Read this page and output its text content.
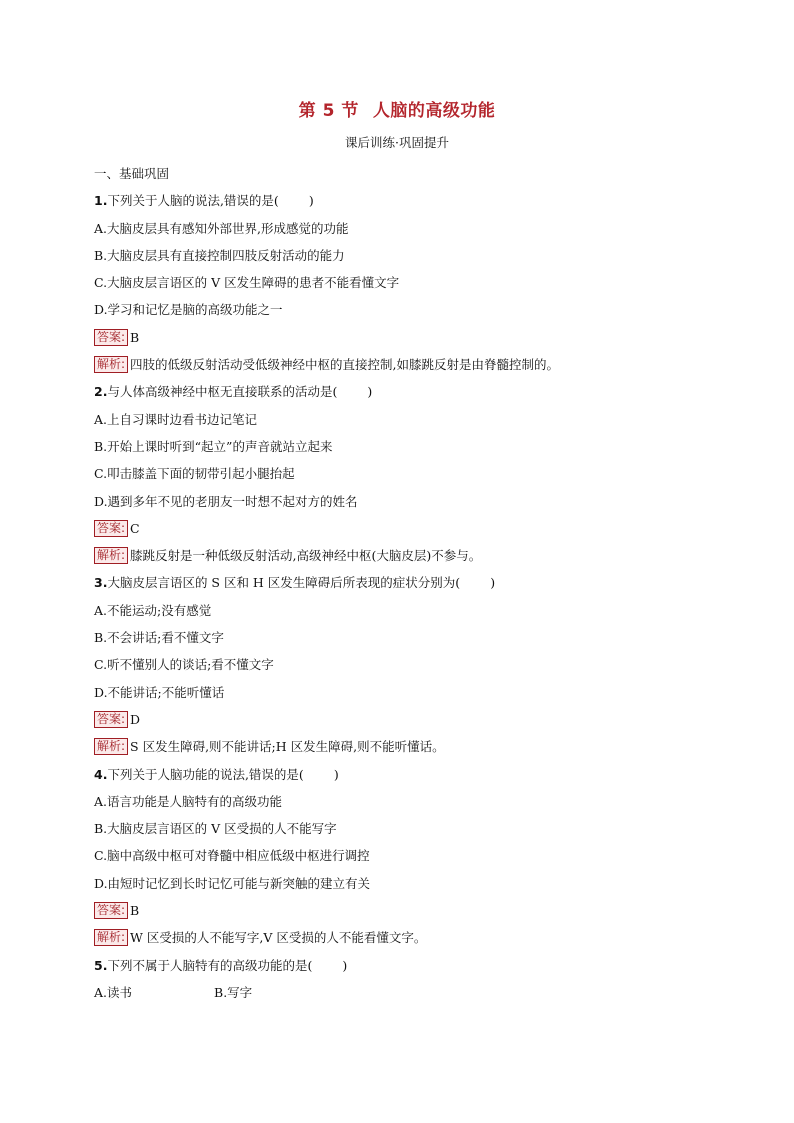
第 5 节 人脑的高级功能
课后训练·巩固提升
一、基础巩固
1.下列关于人脑的说法,错误的是( )
A.大脑皮层具有感知外部世界,形成感觉的功能
B.大脑皮层具有直接控制四肢反射活动的能力
C.大脑皮层言语区的 V 区发生障碍的患者不能看懂文字
D.学习和记忆是脑的高级功能之一
答案: B
解析: 四肢的低级反射活动受低级神经中枢的直接控制,如膝跳反射是由脊髓控制的。
2.与人体高级神经中枢无直接联系的活动是( )
A.上自习课时边看书边记笔记
B.开始上课时听到“起立”的声音就站立起来
C.叩击膝盖下面的韧带引起小腿抬起
D.遇到多年不见的老朋友一时想不起对方的姓名
答案: C
解析: 膝跳反射是一种低级反射活动,高级神经中枢(大脑皮层)不参与。
3.大脑皮层言语区的 S 区和 H 区发生障碍后所表现的症状分别为( )
A.不能运动;没有感觉
B.不会讲话;看不懂文字
C.听不懂别人的谈话;看不懂文字
D.不能讲话;不能听懂话
答案: D
解析: S 区发生障碍,则不能讲话;H 区发生障碍,则不能听懂话。
4.下列关于人脑功能的说法,错误的是( )
A.语言功能是人脑特有的高级功能
B.大脑皮层言语区的 V 区受损的人不能写字
C.脑中高级中枢可对脊髓中相应低级中枢进行调控
D.由短时记忆到长时记忆可能与新突触的建立有关
答案: B
解析: W 区受损的人不能写字,V 区受损的人不能看懂文字。
5.下列不属于人脑特有的高级功能的是( )
A.读书	B.写字
